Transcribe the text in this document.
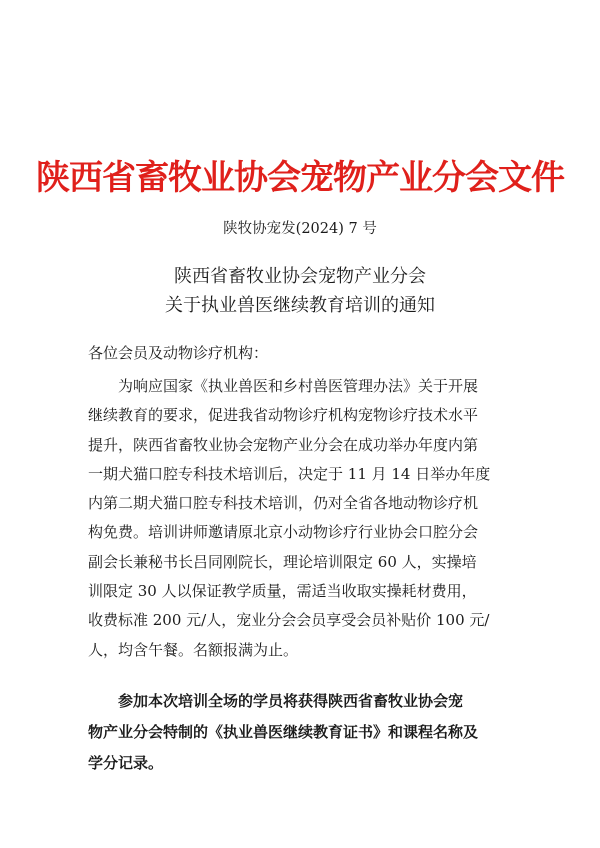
陕西省畜牧业协会宠物产业分会文件
陕牧协宠发(2024) 7 号
陕西省畜牧业协会宠物产业分会
关于执业兽医继续教育培训的通知
各位会员及动物诊疗机构：
为响应国家《执业兽医和乡村兽医管理办法》关于开展
继续教育的要求，促进我省动物诊疗机构宠物诊疗技术水平
提升，陕西省畜牧业协会宠物产业分会在成功举办年度内第
一期犬猫口腔专科技术培训后，决定于 11 月 14 日举办年度
内第二期犬猫口腔专科技术培训，仍对全省各地动物诊疗机
构免费。培训讲师邀请原北京小动物诊疗行业协会口腔分会
副会长兼秘书长吕同刚院长，理论培训限定 60 人，实操培
训限定 30 人以保证教学质量，需适当收取实操耗材费用，
收费标准 200 元/人，宠业分会会员享受会员补贴价 100 元/
人，均含午餐。名额报满为止。
参加本次培训全场的学员将获得陕西省畜牧业协会宠
物产业分会特制的《执业兽医继续教育证书》和课程名称及
学分记录。
